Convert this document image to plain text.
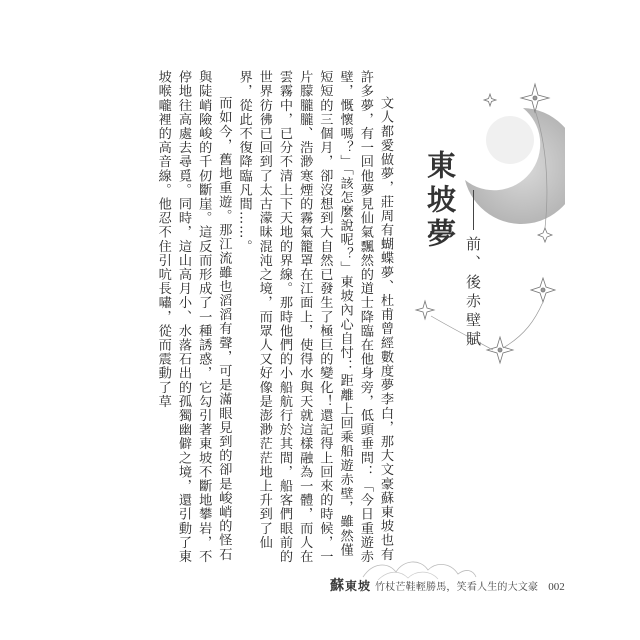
東坡夢
前、後赤壁賦

文人都愛做夢，莊周有蝴蝶夢、杜甫曾經數度夢李白，那大文豪蘇東坡也有許多夢，有一回他夢見仙氣飄然的道士降臨在他身旁，低頭垂問：「今日重遊赤壁，慨懷嗎？」「該怎麼說呢？」東坡內心自忖：距離上回乘船遊赤壁，雖然僅短短的三個月，卻沒想到大自然已發生了極巨的變化！還記得上回來的時候，一片朦朧朧、浩渺寒煙的霧氣籠罩在江面上，使得水與天就這樣融為一體，而人在雲霧中，已分不清上下天地的界線。那時他們的小船航行於其間，船客們眼前的世界彷彿已回到了太古濛昧混沌之境，而眾人又好像是澎渺茫茫地上升到了仙界，從此不復降臨凡間……。

而如今，舊地重遊。那江流雖也滔滔有聲，可是滿眼見到的卻是峻峭的怪石與陡峭險峻的千仞斷崖。這反而形成了一種誘惑，它勾引著東坡不斷地攀岩，不停地往高處去尋覓。同時，這山高月小、水落石出的孤獨幽僻之境，還引動了東坡喉嚨裡的高音線。他忍不住引吭長嘯，從而震動了草

蘇東坡 竹杖芒鞋輕勝馬，笑看人生的大文豪 002
